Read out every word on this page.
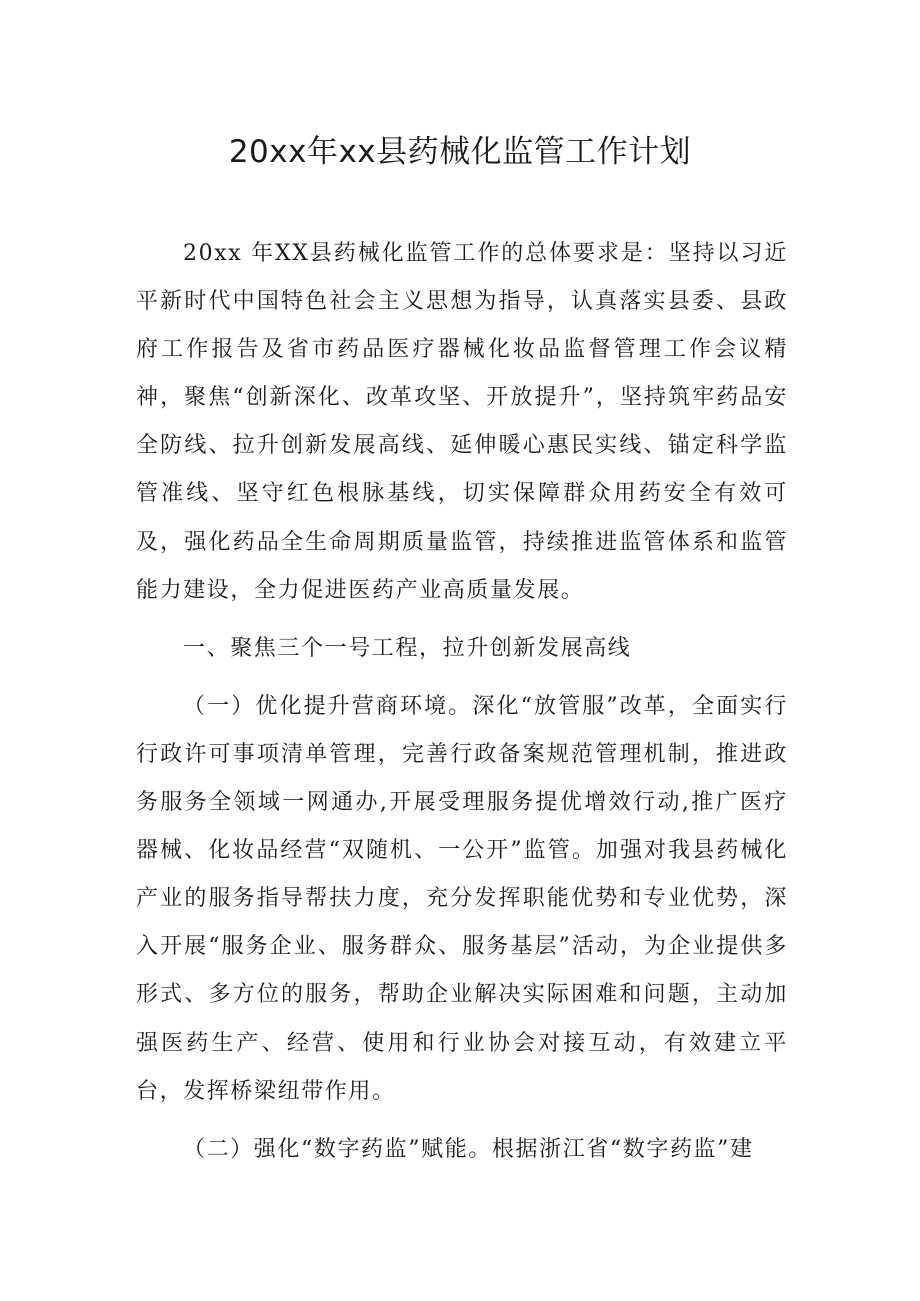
20xx年xx县药械化监管工作计划

20xx 年XX县药械化监管工作的总体要求是：坚持以习近平新时代中国特色社会主义思想为指导，认真落实县委、县政府工作报告及省市药品医疗器械化妆品监督管理工作会议精神，聚焦“创新深化、改革攻坚、开放提升”，坚持筑牢药品安全防线、拉升创新发展高线、延伸暖心惠民实线、锚定科学监管准线、坚守红色根脉基线，切实保障群众用药安全有效可及，强化药品全生命周期质量监管，持续推进监管体系和监管能力建设，全力促进医药产业高质量发展。

一、聚焦三个一号工程，拉升创新发展高线

（一）优化提升营商环境。深化“放管服”改革，全面实行行政许可事项清单管理，完善行政备案规范管理机制，推进政务服务全领域一网通办,开展受理服务提优增效行动,推广医疗器械、化妆品经营“双随机、一公开”监管。加强对我县药械化产业的服务指导帮扶力度，充分发挥职能优势和专业优势，深入开展“服务企业、服务群众、服务基层”活动，为企业提供多形式、多方位的服务，帮助企业解决实际困难和问题，主动加强医药生产、经营、使用和行业协会对接互动，有效建立平台，发挥桥梁纽带作用。

（二）强化“数字药监”赋能。根据浙江省“数字药监”建
